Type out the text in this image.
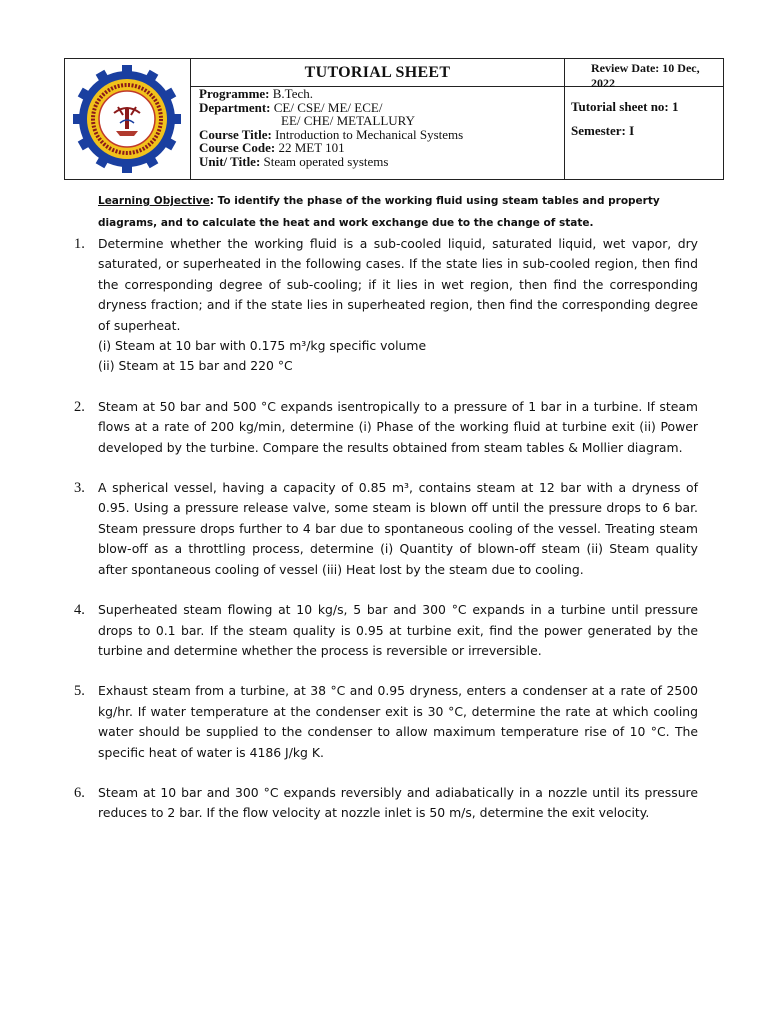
TUTORIAL SHEET
Programme: B.Tech.
Department: CE/ CSE/ ME/ ECE/
EE/ CHE/ METALLURY
Course Title: Introduction to Mechanical Systems
Course Code: 22 MET 101
Unit/ Title: Steam operated systems
Review Date: 10 Dec, 2022
Tutorial sheet no: 1
Semester: I
Learning Objective: To identify the phase of the working fluid using steam tables and property diagrams, and to calculate the heat and work exchange due to the change of state.
1. Determine whether the working fluid is a sub-cooled liquid, saturated liquid, wet vapor, dry saturated, or superheated in the following cases. If the state lies in sub-cooled region, then find the corresponding degree of sub-cooling; if it lies in wet region, then find the corresponding dryness fraction; and if the state lies in superheated region, then find the corresponding degree of superheat.
(i) Steam at 10 bar with 0.175 m³/kg specific volume
(ii) Steam at 15 bar and 220 °C
2. Steam at 50 bar and 500 °C expands isentropically to a pressure of 1 bar in a turbine. If steam flows at a rate of 200 kg/min, determine (i) Phase of the working fluid at turbine exit (ii) Power developed by the turbine. Compare the results obtained from steam tables & Mollier diagram.
3. A spherical vessel, having a capacity of 0.85 m³, contains steam at 12 bar with a dryness of 0.95. Using a pressure release valve, some steam is blown off until the pressure drops to 6 bar. Steam pressure drops further to 4 bar due to spontaneous cooling of the vessel. Treating steam blow-off as a throttling process, determine (i) Quantity of blown-off steam (ii) Steam quality after spontaneous cooling of vessel (iii) Heat lost by the steam due to cooling.
4. Superheated steam flowing at 10 kg/s, 5 bar and 300 °C expands in a turbine until pressure drops to 0.1 bar. If the steam quality is 0.95 at turbine exit, find the power generated by the turbine and determine whether the process is reversible or irreversible.
5. Exhaust steam from a turbine, at 38 °C and 0.95 dryness, enters a condenser at a rate of 2500 kg/hr. If water temperature at the condenser exit is 30 °C, determine the rate at which cooling water should be supplied to the condenser to allow maximum temperature rise of 10 °C. The specific heat of water is 4186 J/kg K.
6. Steam at 10 bar and 300 °C expands reversibly and adiabatically in a nozzle until its pressure reduces to 2 bar. If the flow velocity at nozzle inlet is 50 m/s, determine the exit velocity.
